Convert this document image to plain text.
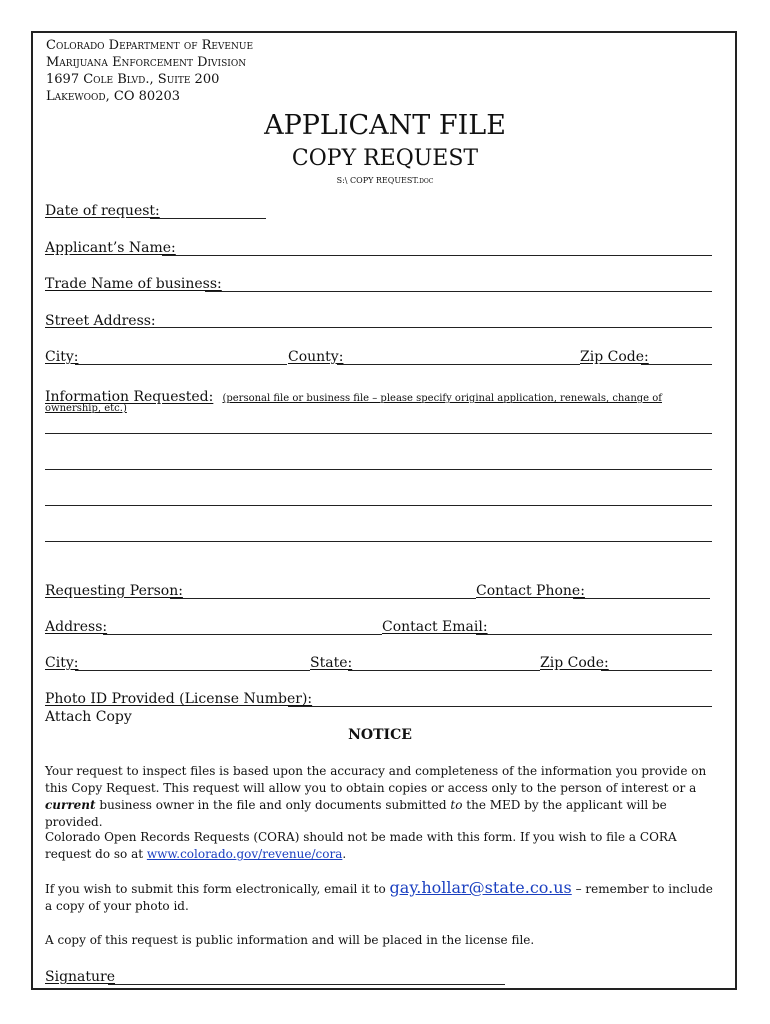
Colorado Department of Revenue
Marijuana Enforcement Division
1697 Cole Blvd., Suite 200
Lakewood, CO 80203
APPLICANT FILE
COPY REQUEST
S:\ COPY REQUEST.doc
Date of request:
Applicant’s Name:
Trade Name of business:
Street Address:
City:	County:	Zip Code:
Information Requested: (personal file or business file – please specify original application, renewals, change of
ownership, etc.)
Requesting Person:	Contact Phone:
Address:	Contact Email:
City:	State:	Zip Code:
Photo ID Provided (License Number):
Attach Copy
NOTICE
Your request to inspect files is based upon the accuracy and completeness of the information you provide on this Copy Request. This request will allow you to obtain copies or access only to the person of interest or a current business owner in the file and only documents submitted to the MED by the applicant will be provided.
Colorado Open Records Requests (CORA) should not be made with this form. If you wish to file a CORA request do so at www.colorado.gov/revenue/cora.
If you wish to submit this form electronically, email it to gay.hollar@state.co.us – remember to include a copy of your photo id.
A copy of this request is public information and will be placed in the license file.
Signature
